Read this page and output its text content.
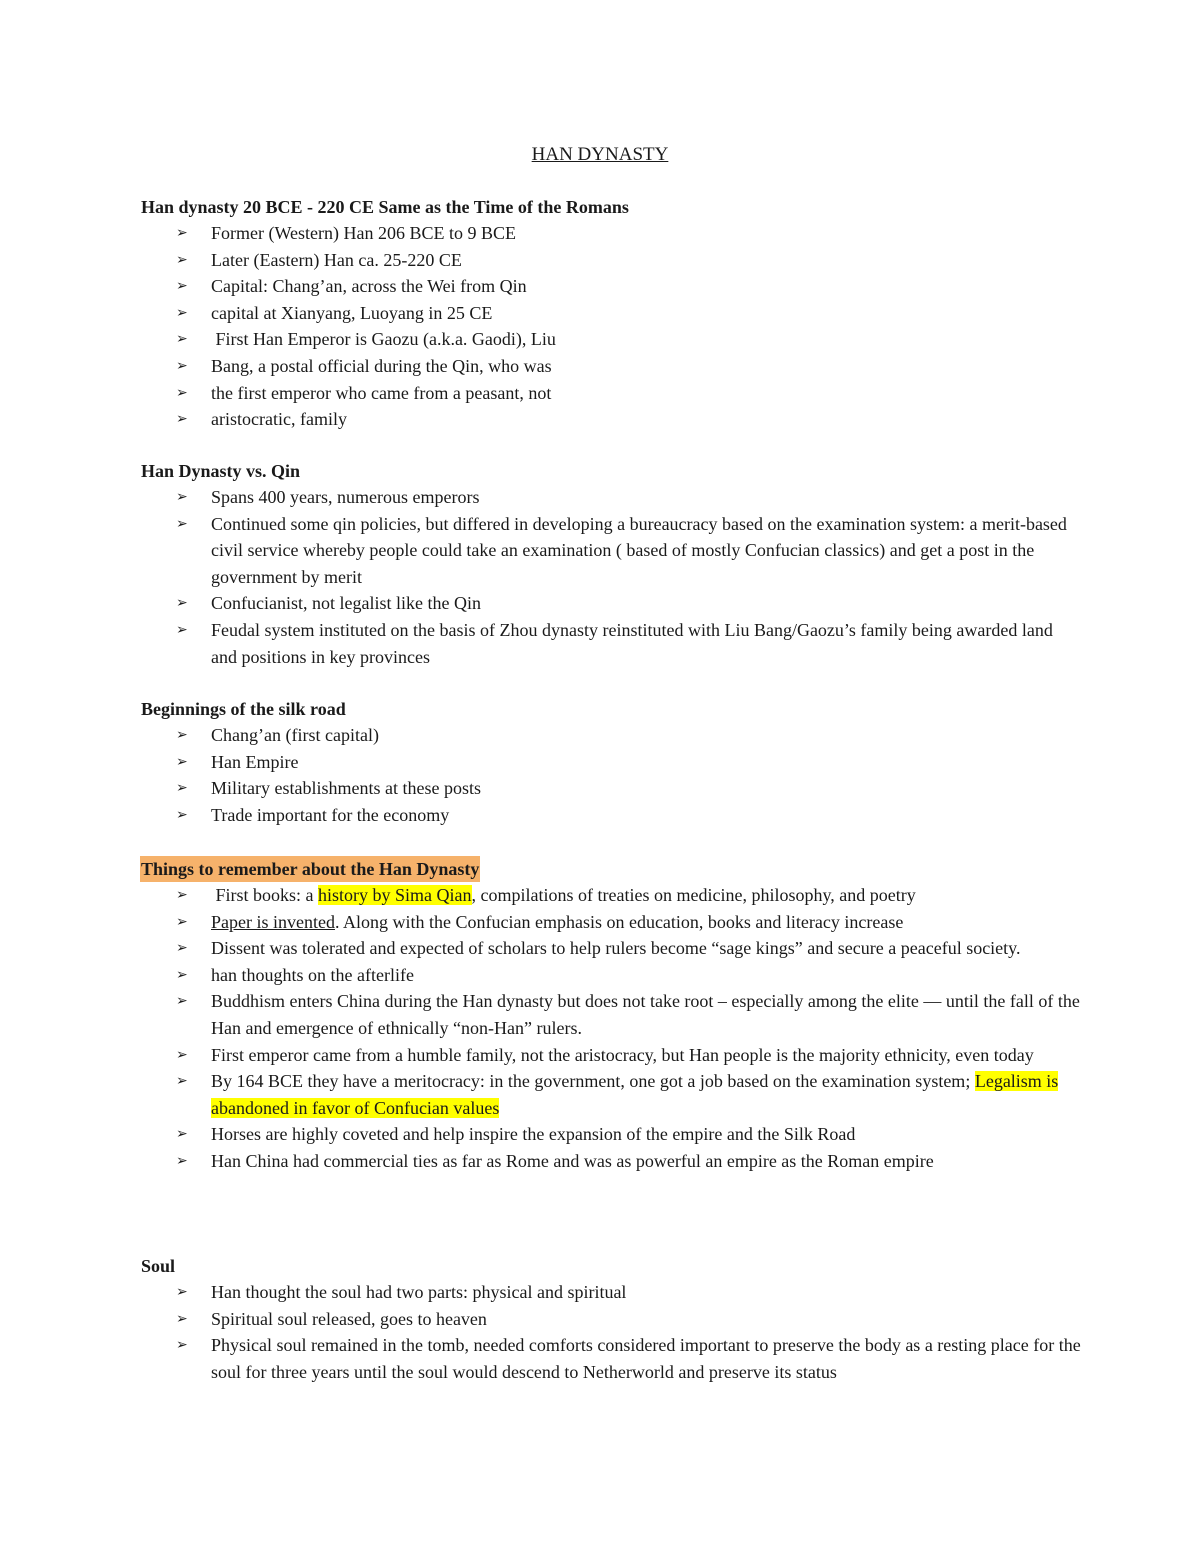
HAN DYNASTY
Han dynasty 20 BCE - 220 CE Same as the Time of the Romans
➢ Former (Western) Han 206 BCE to 9 BCE
➢ Later (Eastern) Han ca. 25-220 CE
➢ Capital: Chang’an, across the Wei from Qin
➢ capital at Xianyang, Luoyang in 25 CE
➢ First Han Emperor is Gaozu (a.k.a. Gaodi), Liu
➢ Bang, a postal official during the Qin, who was
➢ the first emperor who came from a peasant, not
➢ aristocratic, family
Han Dynasty vs. Qin
➢ Spans 400 years, numerous emperors
➢ Continued some qin policies, but differed in developing a bureaucracy based on the examination system: a merit-based civil service whereby people could take an examination ( based of mostly Confucian classics) and get a post in the government by merit
➢ Confucianist, not legalist like the Qin
➢ Feudal system instituted on the basis of Zhou dynasty reinstituted with Liu Bang/Gaozu’s family being awarded land and positions in key provinces
Beginnings of the silk road
➢ Chang’an (first capital)
➢ Han Empire
➢ Military establishments at these posts
➢ Trade important for the economy
Things to remember about the Han Dynasty
➢ First books: a history by Sima Qian, compilations of treaties on medicine, philosophy, and poetry
➢ Paper is invented. Along with the Confucian emphasis on education, books and literacy increase
➢ Dissent was tolerated and expected of scholars to help rulers become “sage kings” and secure a peaceful society.
➢ han thoughts on the afterlife
➢ Buddhism enters China during the Han dynasty but does not take root – especially among the elite — until the fall of the Han and emergence of ethnically “non-Han” rulers.
➢ First emperor came from a humble family, not the aristocracy, but Han people is the majority ethnicity, even today
➢ By 164 BCE they have a meritocracy: in the government, one got a job based on the examination system; Legalism is abandoned in favor of Confucian values
➢ Horses are highly coveted and help inspire the expansion of the empire and the Silk Road
➢ Han China had commercial ties as far as Rome and was as powerful an empire as the Roman empire
Soul
➢ Han thought the soul had two parts: physical and spiritual
➢ Spiritual soul released, goes to heaven
➢ Physical soul remained in the tomb, needed comforts considered important to preserve the body as a resting place for the soul for three years until the soul would descend to Netherworld and preserve its status
